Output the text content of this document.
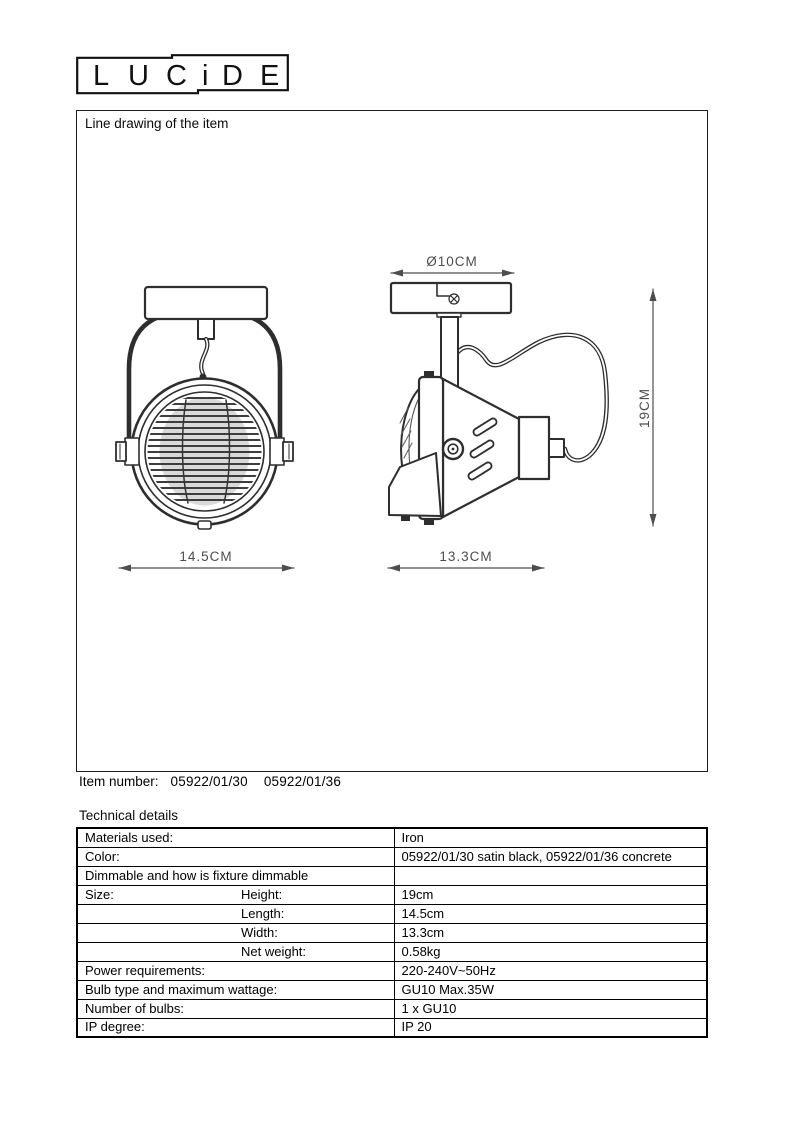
L U C i D E
Line drawing of the item
Ø10CM
19CM
14.5CM	13.3CM
Item number: 05922/01/30 05922/01/36
Technical details
Materials used:	Iron
Color:	05922/01/30 satin black, 05922/01/36 concrete
Dimmable and how is fixture dimmable

Size: Height:	19cm

Length:	14.5cm

Width:	13.3cm

Net weight:	0.58kg
Power requirements:	220-240V~50Hz
Bulb type and maximum wattage:	GU10 Max.35W
Number of bulbs:	1 x GU10
IP degree:	IP 20
